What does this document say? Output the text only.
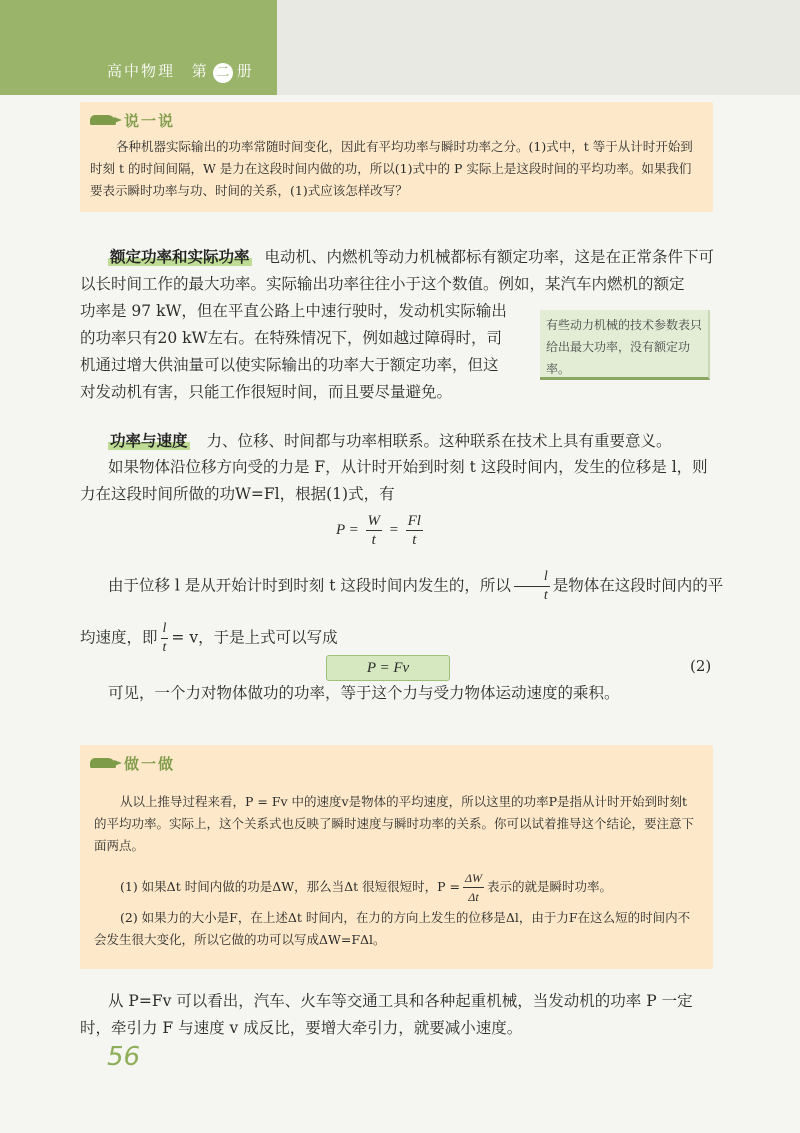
高中物理 第 二 册
说一说

各种机器实际输出的功率常随时间变化，因此有平均功率与瞬时功率之分。(1)式中，t 等于从计时开始到时刻 t 的时间间隔，W 是力在这段时间内做的功，所以(1)式中的 P 实际上是这段时间的平均功率。如果我们要表示瞬时功率与功、时间的关系，(1)式应该怎样改写？

额定功率和实际功率 电动机、内燃机等动力机械都标有额定功率，这是在正常条件下可以长时间工作的最大功率。实际输出功率往往小于这个数值。例如，某汽车内燃机的额定
功率是 97 kW，但在平直公路上中速行驶时，发动机实际输出的功率只有20 kW左右。在特殊情况下，例如越过障碍时，司机通过增大供油量可以使实际输出的功率大于额定功率，但这对发动机有害，只能工作很短时间，而且要尽量避免。
有些动力机械的技术参数表只给出最大功率，没有额定功率。
功率与速度 力、位移、时间都与功率相联系。这种联系在技术上具有重要意义。
如果物体沿位移方向受的力是 F，从计时开始到时刻 t 这段时间内，发生的位移是 l，则力在这段时间所做的功W=Fl，根据(1)式，有
$P = \frac{W}{t} = \frac{Fl}{t}$
由于位移 l 是从开始计时到时刻 t 这段时间内发生的，所以 $\frac{l}{t}$ 是物体在这段时间内的平
均速度，即 $\frac{l}{t} = v$，于是上式可以写成
P = Fv	(2)
可见，一个力对物体做功的功率，等于这个力与受力物体运动速度的乘积。
做一做

从以上推导过程来看，P = Fv 中的速度v是物体的平均速度，所以这里的功率P是指从计时开始到时刻t的平均功率。实际上，这个关系式也反映了瞬时速度与瞬时功率的关系。你可以试着推导这个结论，要注意下面两点。

(1) 如果Δt 时间内做的功是ΔW，那么当Δt 很短很短时，$P = \frac{\Delta W}{\Delta t}$ 表示的就是瞬时功率。

(2) 如果力的大小是F，在上述Δt 时间内，在力的方向上发生的位移是Δl，由于力F在这么短的时间内不会发生很大变化，所以它做的功可以写成ΔW=FΔl。

从 P=Fv 可以看出，汽车、火车等交通工具和各种起重机械，当发动机的功率 P 一定时，牵引力 F 与速度 v 成反比，要增大牵引力，就要减小速度。
56
